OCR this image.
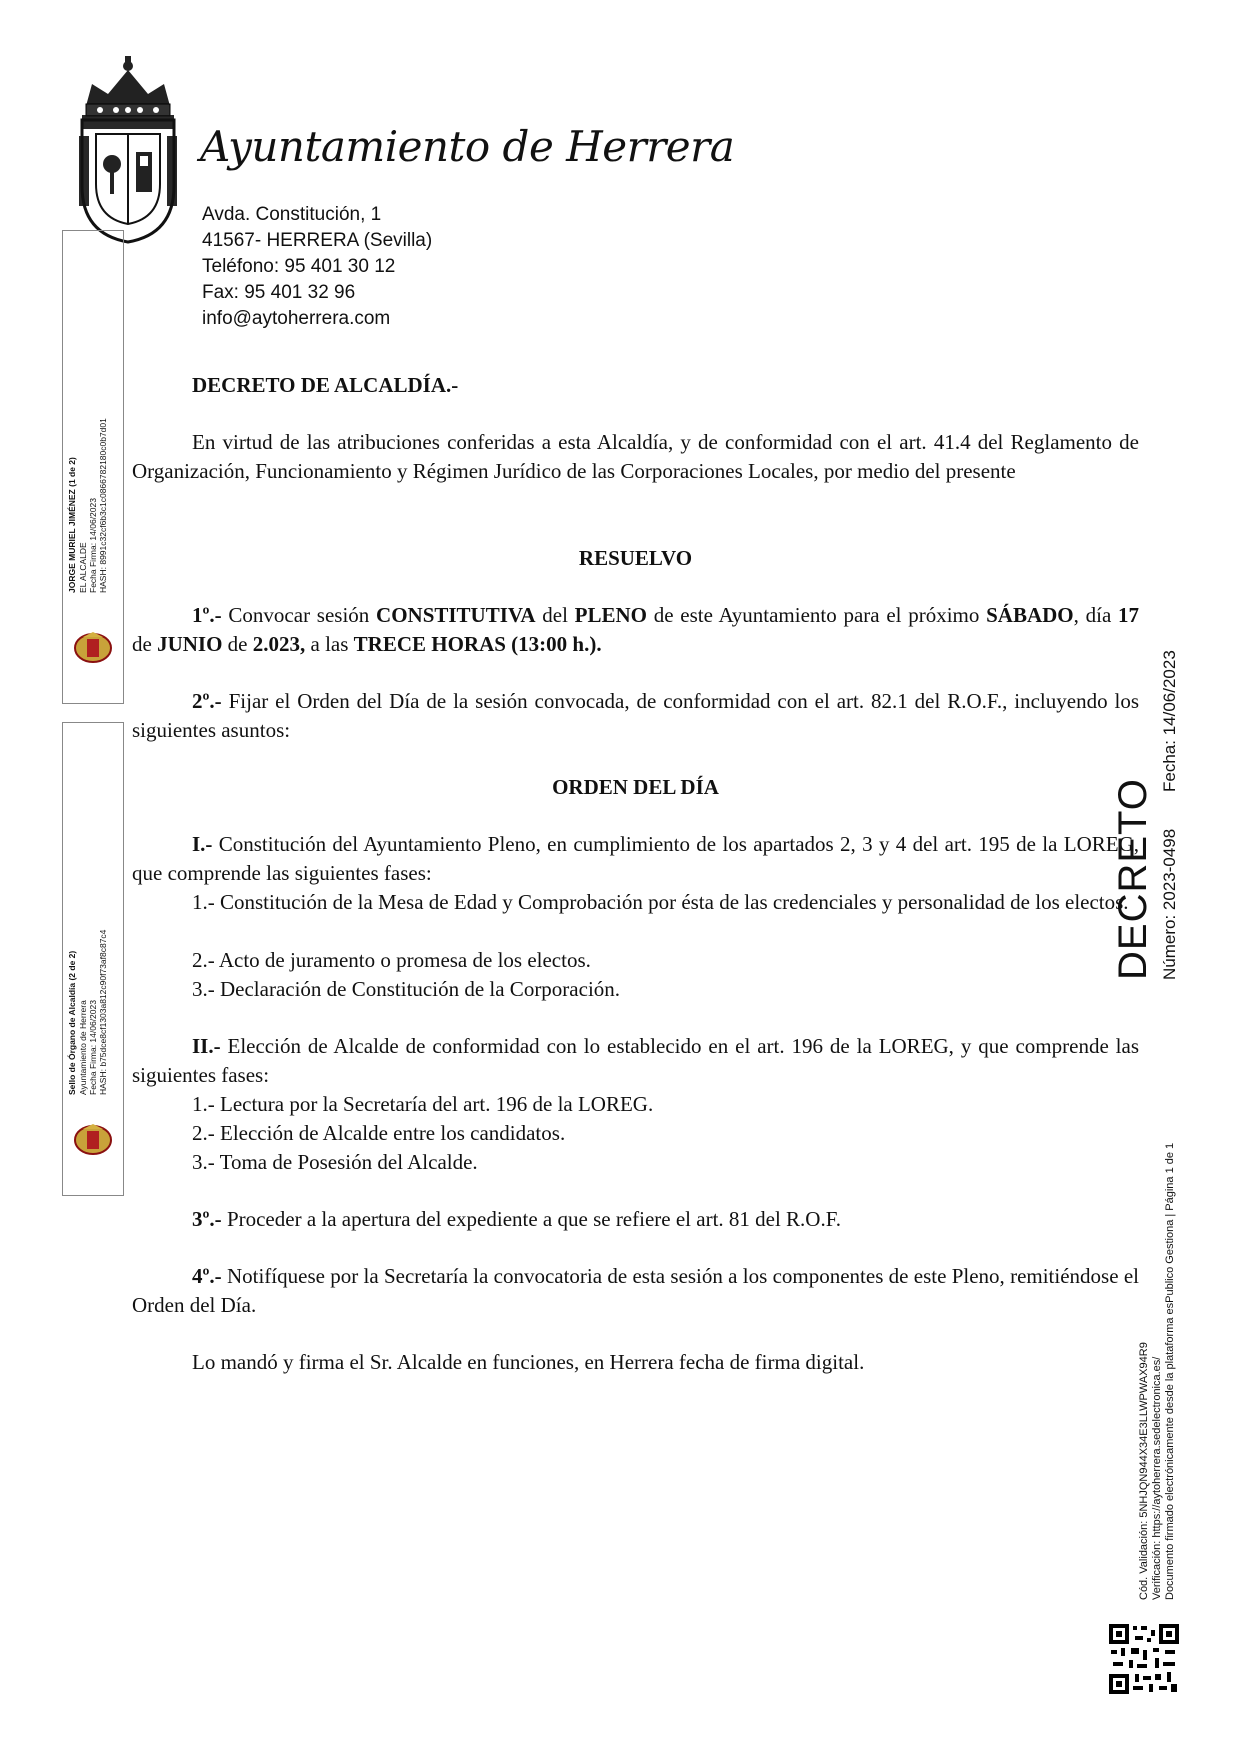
Ayuntamiento de Herrera
Avda. Constitución, 1
41567- HERRERA (Sevilla)
Teléfono: 95 401 30 12
Fax: 95 401 32 96
info@aytoherrera.com
JORGE MURIEL JIMÉNEZ (1 de 2) EL ALCALDE Fecha Firma: 14/06/2023 HASH: 8991c32cf6b3c1c0866782180c0b7d01
Sello de Órgano de Alcaldía (2 de 2) Ayuntamiento de Herrera Fecha Firma: 14/06/2023 HASH: b75dce8cf1303a812c90f73af8c87c4
DECRETO DE ALCALDÍA.-
En virtud de las atribuciones conferidas a esta Alcaldía, y de conformidad con el art. 41.4 del Reglamento de Organización, Funcionamiento y Régimen Jurídico de las Corporaciones Locales, por medio del presente
RESUELVO
1º.- Convocar sesión CONSTITUTIVA del PLENO de este Ayuntamiento para el próximo SÁBADO, día 17 de JUNIO de 2.023, a las TRECE HORAS (13:00 h.).
2º.- Fijar el Orden del Día de la sesión convocada, de conformidad con el art. 82.1 del R.O.F., incluyendo los siguientes asuntos:
ORDEN DEL DÍA
I.- Constitución del Ayuntamiento Pleno, en cumplimiento de los apartados 2, 3 y 4 del art. 195 de la LOREG, que comprende las siguientes fases:
1.- Constitución de la Mesa de Edad y Comprobación por ésta de las credenciales y personalidad de los electos.
2.- Acto de juramento o promesa de los electos.
3.- Declaración de Constitución de la Corporación.
II.- Elección de Alcalde de conformidad con lo establecido en el art. 196 de la LOREG, y que comprende las siguientes fases:
1.- Lectura por la Secretaría del art. 196 de la LOREG.
2.- Elección de Alcalde entre los candidatos.
3.- Toma de Posesión del Alcalde.
3º.- Proceder a la apertura del expediente a que se refiere el art. 81 del R.O.F.
4º.- Notifíquese por la Secretaría la convocatoria de esta sesión a los componentes de este Pleno, remitiéndose el Orden del Día.
Lo mandó y firma el Sr. Alcalde en funciones, en Herrera fecha de firma digital.
DECRETO Número: 2023-0498
Fecha: 14/06/2023
Cód. Validación: 5NHJQN944X34E3LLWPWAX94R9 Verificación: https://aytoherrera.sedelectronica.es/ Documento firmado electrónicamente desde la plataforma esPublico Gestiona | Página 1 de 1
